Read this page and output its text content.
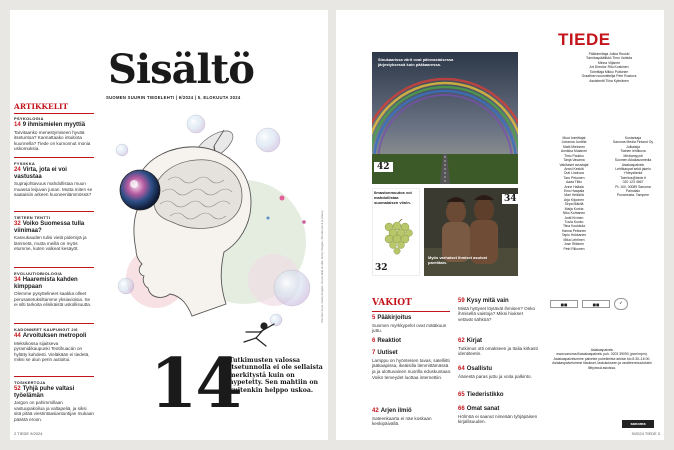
Sisältö
SUOMEN SUURIN TIEDELEHTI | 9/2024 | 5. ELOKUUTA 2024
ARTIKKELIT
PSYKOLOGIA
14 9 ihmismielen myyttiä
Tarvitaanko menestymiseen hyvää itsetuntoa? Kannattaako intuitiota kuunnella? Tiede on kumonnut monia uskomuksia.
FYSIIKKA
24 Virta, jota ei voi vastustaa
Suprajohtavuus mahdollistaa muun muassa leijuvan junan. Mutta miten se saataisiin arkeen huoneenlämmössä?
TIETEEN TENTTI
32 Voiko Suomessa tulla viinimaa?
Kasvukauden tulisi vielä pidentyä ja lämmetä, mutta meillä on myös etumme, kuten valkeat kesäyöt.
EVOLUUTIOBIOLOGIA
34 Haaremista kahden kimppaan
Olemme pysyttelineet saakka olleet perusasetuksiltamme yksiavioisia. Se ei silti tarkoita elinikäistä uskollisuutta.
KADONNEET KAUPUNGIT 2/6
44 Arvoituksen metropoli
Meksikossa sijaitseva pyramidikaupunki Teotihuacán on hylätty kahdesti. Vieläkään ei tiedetä, miksi se alun perin autioitui.
TOSIKERTOJA
52 Tyhjä puhe valtasi työelämän
Jargon on pahimmillaan vastuupakoilua ja valtapeliä, ja siksi sitä pitää viestintäasiantuntijan mukaan päästä eroon.
Kannen kuva: Getty Images. Kuvat tällä sivulla: Getty Images, Shutterstock ja Alamy.
14
Tutkimusten valossa itsetunnolla ei ole sellaista merkitystä kuin on hypetetty. Sen mahtiin on kuitenkin helppo uskoa.
2 TIEDE 9/2024
Sinukaarissa värit ovat päinvastaisessa järjestyksessä kuin pääkaaressa.
42
Ilmastonmuutos voi mahdollistaa suomalaisen viinin.
32
Myös varhaiset ihmiset asuivat pareittain.
34
VAKIOT
5 Pääkirjoitus
Suomen myrkkypelot ovat mätäkuun juttu.
6 Reaktiot
7 Uutiset
Lamppu on hyönteisen tavas, satelliitti jääkaapissa, ikeäisilla lämmittämässä ja ja ulottuvainen nuorilla eduskuntaan. Voiko terveydet luottaa internettiin.
42 Arjen ilmiö
Sateenkaarta ei näe koskaan keskipäivällä.
59 Kysy mitä vain
Mistä hyttyset löytävät ihmisen? Onko ihmisellä vaistoja? Miksi hiukset vetävät sähköä?
62 Kirjat
Tutkimus otti omakseen ja Italia kirkasti identiteetin.
64 Osallistu
Äänestä paras juttu ja voita palkinto.
65 Tiederistikko
66 Omat sanat
Hölmöä ei saanut nimeään tyhjäpäisen kirjallisuuden.
TIEDE
Päätoimittaja Jukka Ruukki
Toimituspäällikkö Timo Vahtola
Minna Viljanen
Art Director Ritu Koskinen
Toimittaja Mikko Puttonen
Graafinen suunnittelija Petri Rostovs
Assistentti Tiina Kylmänen
Muut toimittajat
Johanna Junttila
Matti Mielonen
Annikka Mutanen
Timo Paukku
Tanja Vasama
Vakituiset avustajat
Anssi Keskiä
Outi Lindroos
Taru Pekonen
Aada Tiitto
Anne Hallala
Eino Haapala
Mari Heikkilä
Arja Kilponen
Sirpa Mäkilä
Maija Korkia
Niko Kohtanen
Antti Kivinen
Tuula Kouko
Tiina Koukkula
Hanna Peltonen
Tapio Hukkanen
Mika Lehtinen
Jose Riikinen
Petri Riikonen
Kustantaja
Sanoma Media Finland Oy
Julkaisija
Tiainen lehtikuva
Mediamyynti
Suomen Aikakausmedia
Asiakaspalvelu
Lehtikaupat sekä jakelu
Yhteystiedot
Toimitus@tiede.fi
020 123 4567
PL 100, 00089 Sanoma
Painotalo
Punamusta, Tampere
◼◼	◼◼	✓
Asiakaspalvelu
www.sanoma.fi/asiakaspalvelu puh. 0203 39090 (pvm/mpm). Asiakaspalvelumme palvelee puhelimitse arkisin klo 8.30–16.00. Asiakaspalvelumme tilaukset, laskutukseen ja osoitteenmuutoksiin liittyvissä asioissa.
sanoma
9/2024 TIEDE 3
